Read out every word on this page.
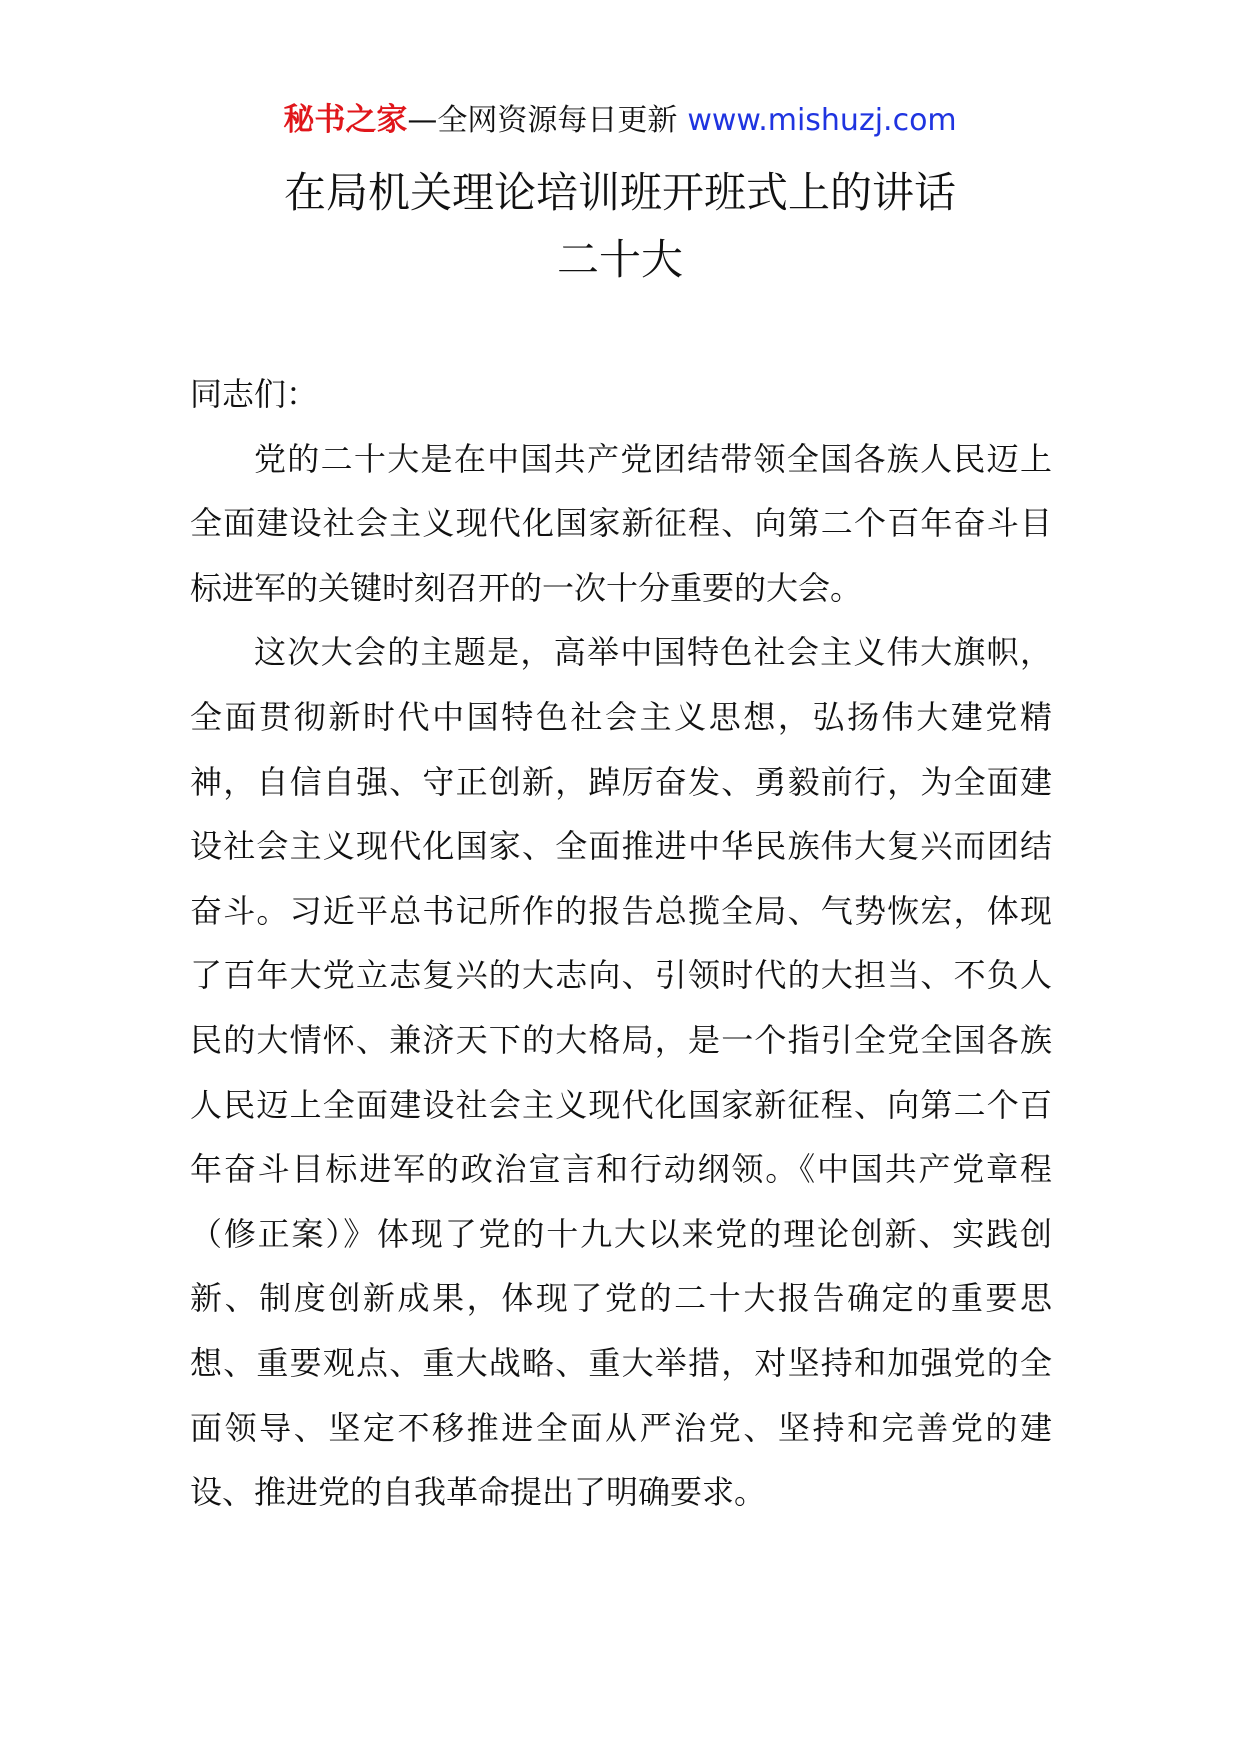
秘书之家—全网资源每日更新 www.mishuzj.com
在局机关理论培训班开班式上的讲话
二十大

同志们：

党的二十大是在中国共产党团结带领全国各族人民迈上全面建设社会主义现代化国家新征程、向第二个百年奋斗目标进军的关键时刻召开的一次十分重要的大会。

这次大会的主题是，高举中国特色社会主义伟大旗帜，全面贯彻新时代中国特色社会主义思想，弘扬伟大建党精神，自信自强、守正创新，踔厉奋发、勇毅前行，为全面建设社会主义现代化国家、全面推进中华民族伟大复兴而团结奋斗。习近平总书记所作的报告总揽全局、气势恢宏，体现了百年大党立志复兴的大志向、引领时代的大担当、不负人民的大情怀、兼济天下的大格局，是一个指引全党全国各族人民迈上全面建设社会主义现代化国家新征程、向第二个百年奋斗目标进军的政治宣言和行动纲领。《中国共产党章程（修正案）》体现了党的十九大以来党的理论创新、实践创新、制度创新成果，体现了党的二十大报告确定的重要思想、重要观点、重大战略、重大举措，对坚持和加强党的全面领导、坚定不移推进全面从严治党、坚持和完善党的建设、推进党的自我革命提出了明确要求。
